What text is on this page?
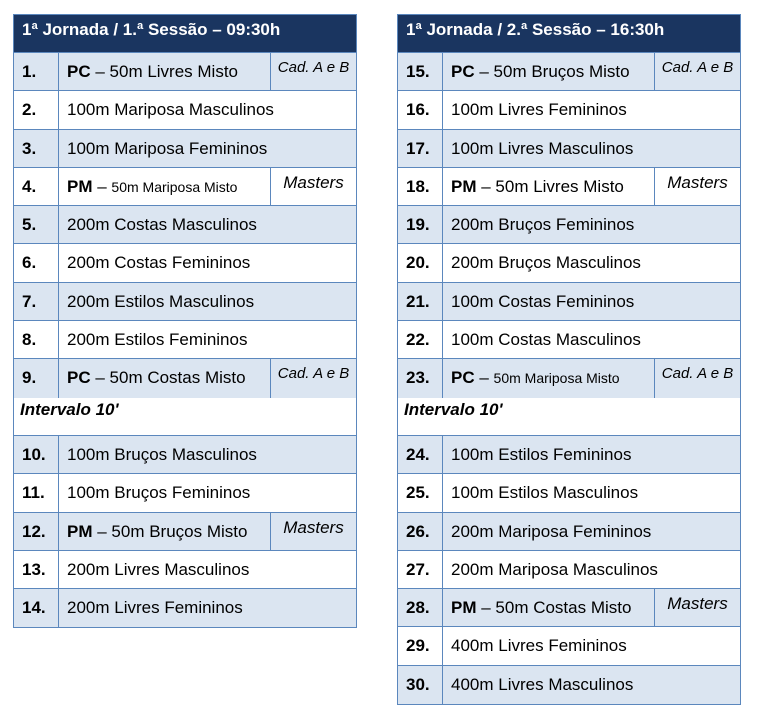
1ª Jornada / 1.ª Sessão – 09:30h
1.	PC – 50m Livres Misto	Cad. A e B
2.	100m Mariposa Masculinos
3.	100m Mariposa Femininos
4.	PM – 50m Mariposa Misto	Masters
5.	200m Costas Masculinos
6.	200m Costas Femininos
7.	200m Estilos Masculinos
8.	200m Estilos Femininos
9.	PC – 50m Costas Misto	Cad. A e B
Intervalo 10'
10.	100m Bruços Masculinos
11.	100m Bruços Femininos
12.	PM – 50m Bruços Misto	Masters
13.	200m Livres Masculinos
14.	200m Livres Femininos
1ª Jornada / 2.ª Sessão – 16:30h
15.	PC – 50m Bruços Misto	Cad. A e B
16.	100m Livres Femininos
17.	100m Livres Masculinos
18.	PM – 50m Livres Misto	Masters
19.	200m Bruços Femininos
20.	200m Bruços Masculinos
21.	100m Costas Femininos
22.	100m Costas Masculinos
23.	PC – 50m Mariposa Misto	Cad. A e B
Intervalo 10'
24.	100m Estilos Femininos
25.	100m Estilos Masculinos
26.	200m Mariposa Femininos
27.	200m Mariposa Masculinos
28.	PM – 50m Costas Misto	Masters
29.	400m Livres Femininos
30.	400m Livres Masculinos
